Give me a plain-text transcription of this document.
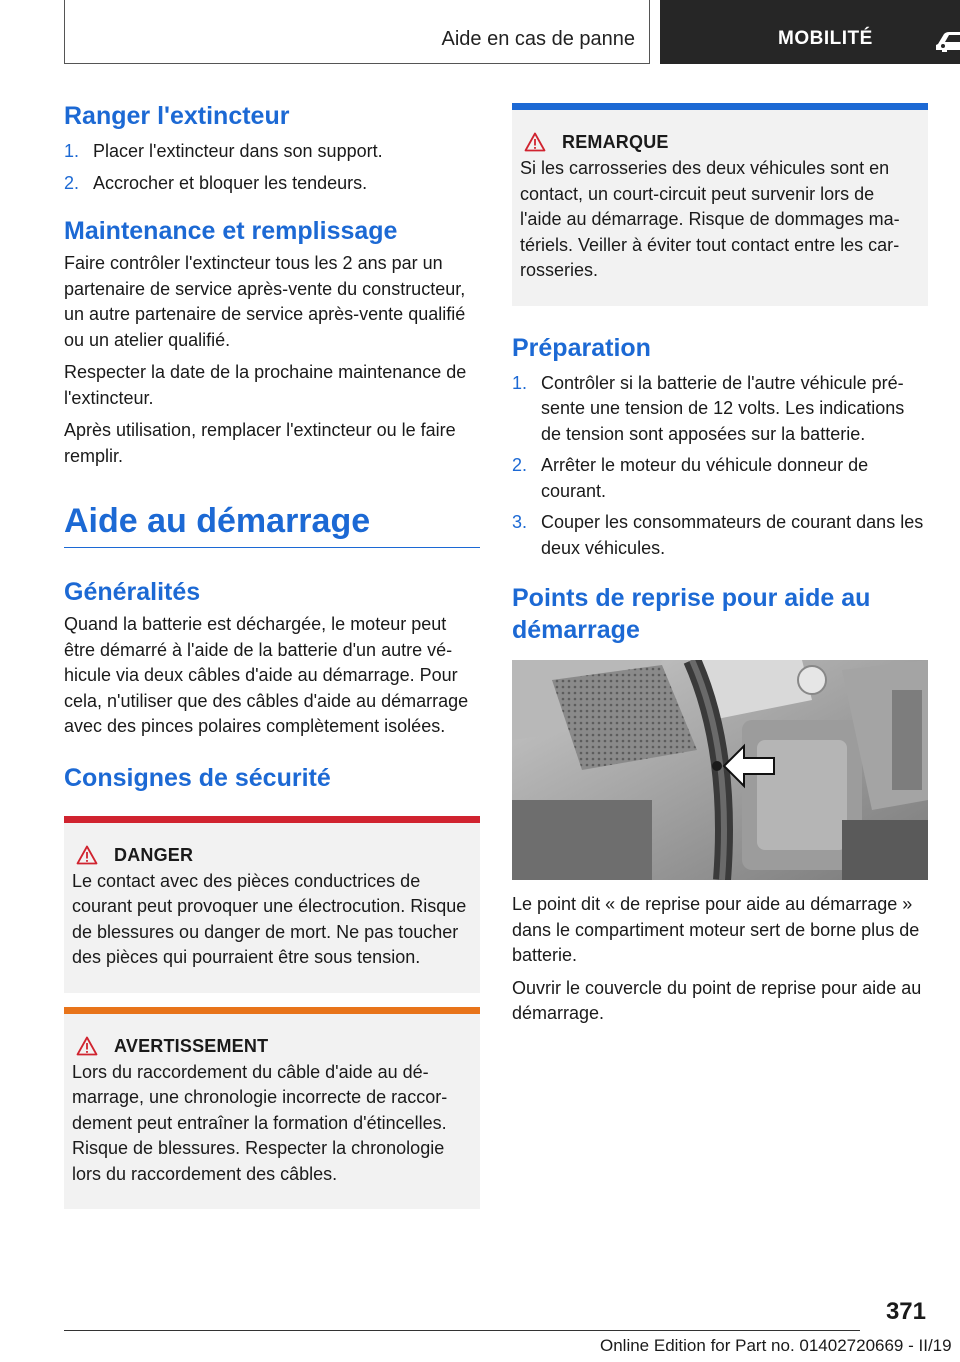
Aide en cas de panne	MOBILITÉ
Ranger l'extincteur
1. Placer l'extincteur dans son support.
2. Accrocher et bloquer les tendeurs.
Maintenance et remplissage
Faire contrôler l'extincteur tous les 2 ans par un partenaire de service après-vente du constructeur, un autre partenaire de service après-vente qualifié ou un atelier qualifié.
Respecter la date de la prochaine maintenance de l'extincteur.
Après utilisation, remplacer l'extincteur ou le faire remplir.
Aide au démarrage
Généralités
Quand la batterie est déchargée, le moteur peut être démarré à l'aide de la batterie d'un autre véhicule via deux câbles d'aide au démarrage. Pour cela, n'utiliser que des câbles d'aide au démarrage avec des pinces polaires complètement isolées.
Consignes de sécurité
DANGER
Le contact avec des pièces conductrices de courant peut provoquer une électrocution. Risque de blessures ou danger de mort. Ne pas toucher des pièces qui pourraient être sous tension.
AVERTISSEMENT
Lors du raccordement du câble d'aide au démarrage, une chronologie incorrecte de raccordement peut entraîner la formation d'étincelles. Risque de blessures. Respecter la chronologie lors du raccordement des câbles.
REMARQUE
Si les carrosseries des deux véhicules sont en contact, un court-circuit peut survenir lors de l'aide au démarrage. Risque de dommages matériels. Veiller à éviter tout contact entre les carrosseries.
Préparation
1. Contrôler si la batterie de l'autre véhicule présente une tension de 12 volts. Les indications de tension sont apposées sur la batterie.
2. Arrêter le moteur du véhicule donneur de courant.
3. Couper les consommateurs de courant dans les deux véhicules.
Points de reprise pour aide au démarrage
Le point dit « de reprise pour aide au démarrage » dans le compartiment moteur sert de borne plus de batterie.
Ouvrir le couvercle du point de reprise pour aide au démarrage.
371
Online Edition for Part no. 01402720669 - II/19
